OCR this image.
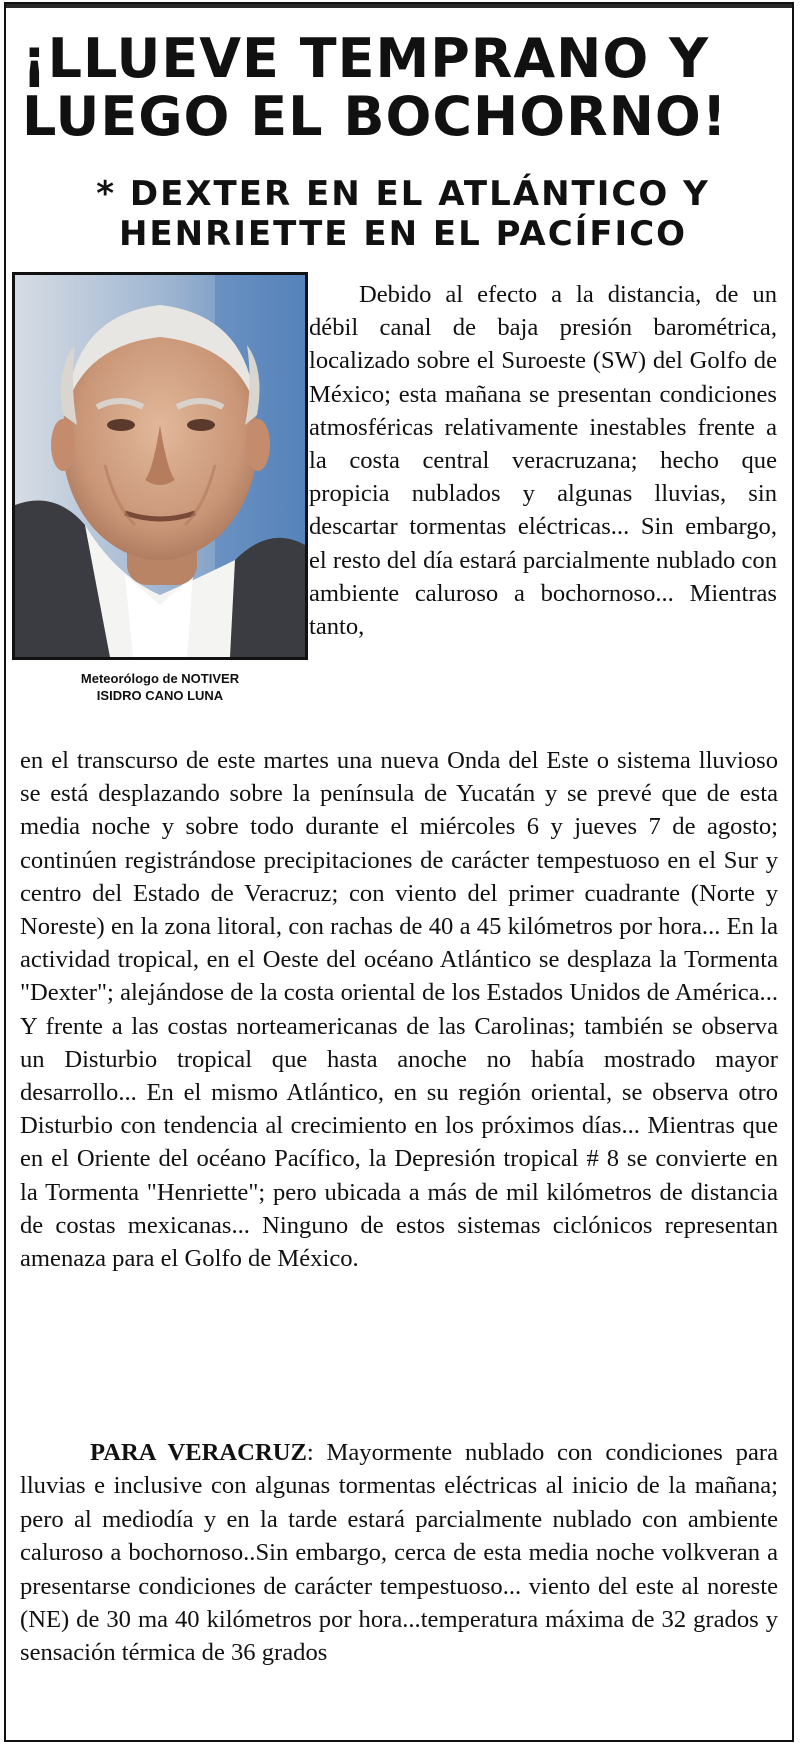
¡LLUEVE TEMPRANO Y
LUEGO EL BOCHORNO!
* DEXTER EN EL ATLÁNTICO Y
HENRIETTE EN EL PACÍFICO
Meteorólogo de NOTIVER
ISIDRO CANO LUNA

Debido al efecto a la distancia, de un débil canal de baja presión barométrica, localizado sobre el Suroeste (SW) del Golfo de México; esta mañana se presentan condiciones atmosféricas relativamente inestables frente a la costa central veracruzana; hecho que propicia nublados y algunas lluvias, sin descartar tormentas eléctricas... Sin embargo, el resto del día estará parcialmente nublado con ambiente caluroso a bochornoso... Mientras tanto,

en el transcurso de este martes una nueva Onda del Este o sistema lluvioso se está desplazando sobre la península de Yucatán y se prevé que de esta media noche y sobre todo durante el miércoles 6 y jueves 7 de agosto; continúen registrándose precipitaciones de carácter tempestuoso en el Sur y centro del Estado de Veracruz; con viento del primer cuadrante (Norte y Noreste) en la zona litoral, con rachas de 40 a 45 kilómetros por hora... En la actividad tropical, en el Oeste del océano Atlántico se desplaza la Tormenta "Dexter"; alejándose de la costa oriental de los Estados Unidos de América... Y frente a las costas norteamericanas de las Carolinas; también se observa un Disturbio tropical que hasta anoche no había mostrado mayor desarrollo... En el mismo Atlántico, en su región oriental, se observa otro Disturbio con tendencia al crecimiento en los próximos días... Mientras que en el Oriente del océano Pacífico, la Depresión tropical # 8 se convierte en la Tormenta "Henriette"; pero ubicada a más de mil kilómetros de distancia de costas mexicanas... Ninguno de estos sistemas ciclónicos representan amenaza para el Golfo de México.

PARA VERACRUZ: Mayormente nublado con condiciones para lluvias e inclusive con algunas tormentas eléctricas al inicio de la mañana; pero al mediodía y en la tarde estará parcialmente nublado con ambiente caluroso a bochornoso..Sin embargo, cerca de esta media noche volkveran a presentarse condiciones de carácter tempestuoso... viento del este al noreste (NE) de 30 ma 40 kilómetros por hora...temperatura máxima de 32 grados y sensación térmica de 36 grados
